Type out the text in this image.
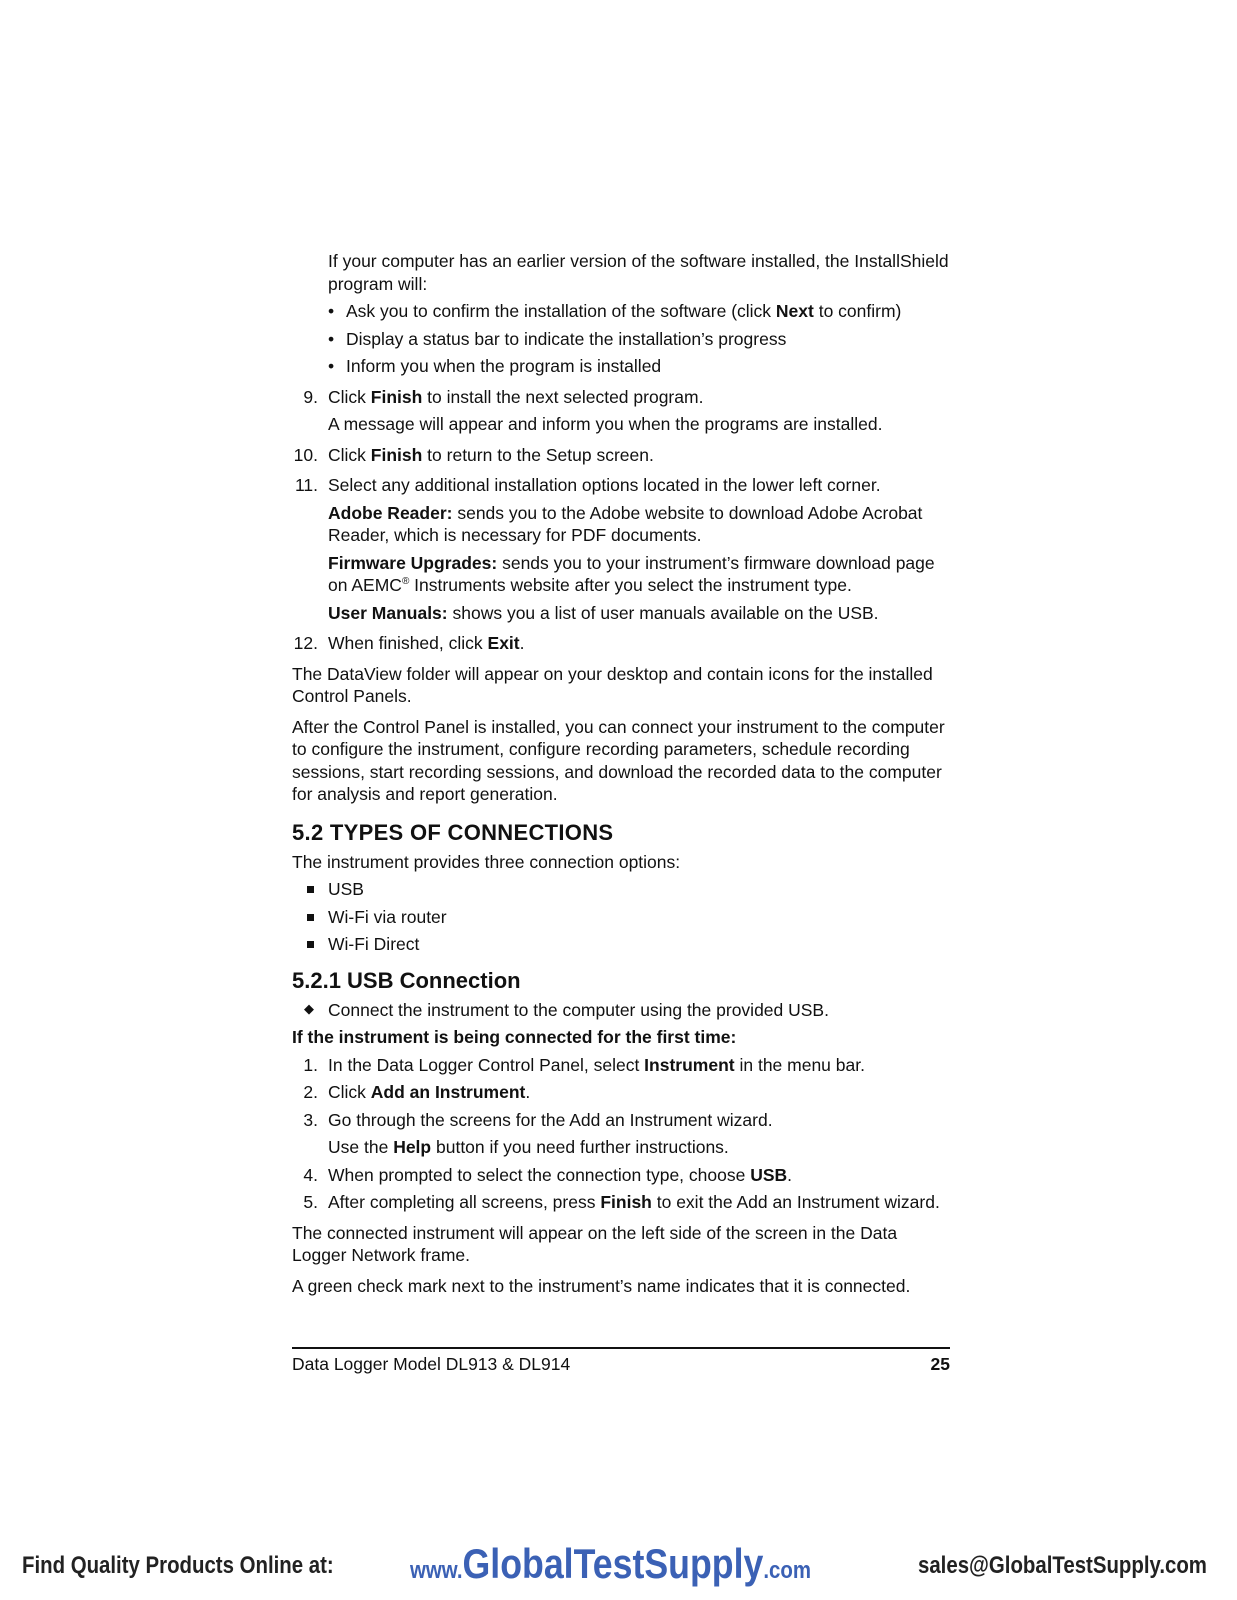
If your computer has an earlier version of the software installed, the InstallShield program will:

• Ask you to confirm the installation of the software (click Next to confirm)
• Display a status bar to indicate the installation’s progress
• Inform you when the program is installed
9. Click Finish to install the next selected program.

A message will appear and inform you when the programs are installed.

10. Click Finish to return to the Setup screen.
11. Select any additional installation options located in the lower left corner.

Adobe Reader: sends you to the Adobe website to download Adobe Acrobat Reader, which is necessary for PDF documents.

Firmware Upgrades: sends you to your instrument’s firmware download page on AEMC® Instruments website after you select the instrument type.

User Manuals: shows you a list of user manuals available on the USB.

12. When finished, click Exit.

The DataView folder will appear on your desktop and contain icons for the installed Control Panels.

After the Control Panel is installed, you can connect your instrument to the computer to configure the instrument, configure recording parameters, schedule recording sessions, start recording sessions, and download the recorded data to the computer for analysis and report generation.

5.2 TYPES OF CONNECTIONS

The instrument provides three connection options:

USB
Wi-Fi via router
Wi-Fi Direct
5.2.1 USB Connection
◆ Connect the instrument to the computer using the provided USB.

If the instrument is being connected for the first time:

1. In the Data Logger Control Panel, select Instrument in the menu bar.
2. Click Add an Instrument.
3. Go through the screens for the Add an Instrument wizard.

Use the Help button if you need further instructions.

4. When prompted to select the connection type, choose USB.
5. After completing all screens, press Finish to exit the Add an Instrument wizard.

The connected instrument will appear on the left side of the screen in the Data Logger Network frame.

A green check mark next to the instrument’s name indicates that it is connected.

Data Logger Model DL913 & DL914	25
Find Quality Products Online at:	www.GlobalTestSupply.com	sales@GlobalTestSupply.com
